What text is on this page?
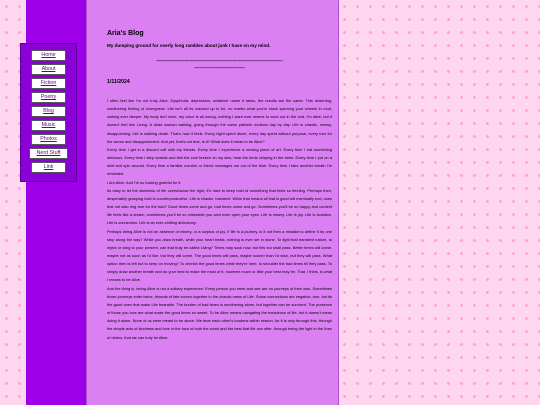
Home
About
Fiction
Poetry
Blog
Music
Photos
Nerd Stuff
Link
Aria's Blog
My dumping ground for overly long rambles about junk I have on my mind.
-----------------------------------------------------------------------------------------------
--------------------------------------
1/11/2024

I often feel like I'm not truly Alive. Dysphoria, depression, whatever name it takes, the results are the same. This sickening, smothering feeling of wrongness. Life isn't all its cracked up to be, no matter what you're stuck spinning your wheels in mud, sinking ever deeper. My body isn't mine, my voice is all wrong, nothing I want ever seems to work out in the end. I'm alive, but it doesn't feel like Living. A dead woman walking, going through the same pathetic motions day by day. Life is chaotic, messy, disappointing. Life is walking death. That's how it feels. Every night spent alone, every day spent without purpose, every turn for the worse and disappointment. And yet, that's not true, is it? What does it mean to be Alive?

Every time I get in a discord call with my friends. Every time I experience a moving piece of art. Every time I eat something delicious. Every time I step outside and feel the cool breeze on my skin, hear the birds chirping in the trees. Every time I put on a skirt and spin around. Every time a familiar number or friend messages me out of the blue. Every time I take another breath I'm reminded.

I Am Alive. And I'm so fucking grateful for it.

Its easy to let the darkness of life overshadow the light, it's hard to keep hold of something that feels so fleeting. Perhaps then, desperately grasping hold is counterproductive. Life is chaotic, transient. While that means all that is good will eventually end, does that not also ring true for the bad? Good times come and go, bad times come and go. Sometimes you'll be so happy and content life feels like a dream, sometimes you'll be so miserable you cant even open your eyes. Life is misery. Life is joy. Life is isolation. Life is connection. Life is an ever-shifting dichotomy.

Perhaps being Alive is not an absence of misery, or a surplus of joy. If life is a journey, is it not then a mistake to define it by one stop along the way? While you draw breath, while your heart beats, nothing is ever set in stone. To fight that transient nature, to reject or cling to your present, can that truly be called Living? Times may suck now, but this too shall pass. Better times will come, maybe not as soon as I'd like, but they will come. The good times will pass, maybe sooner than I'd wish, but they will pass. What option then is left but to keep on moving? To cherish the good times while they're here, to shoulder the bad times till they pass. To simply draw another breath and do your best to make the most of it, however much or little your best may be. That, I think, is what I means to be Alive.

And the thing is, being Alive is not a solitary experience. Every person you meet and see are on journeys of their own. Sometimes those journeys enter twine, threads of fate woven together in the chaotic mess of Life. Some connections are negative, true, but its the good ones that make Life bearable. The burden of bad times is smothering alone, but together can be survived. The presence of those you love are what make the good times so sweet. To be Alive means navigating the transience of life, but it doesn't mean doing it alone. None of us were meant to be alone. We bear each other's burdens within reason, for it is only through this, through the simple acts of kindness and love in the face of both the worst and the best that life can offer, through being the light in the lives of others, that we can truly be Alive.
